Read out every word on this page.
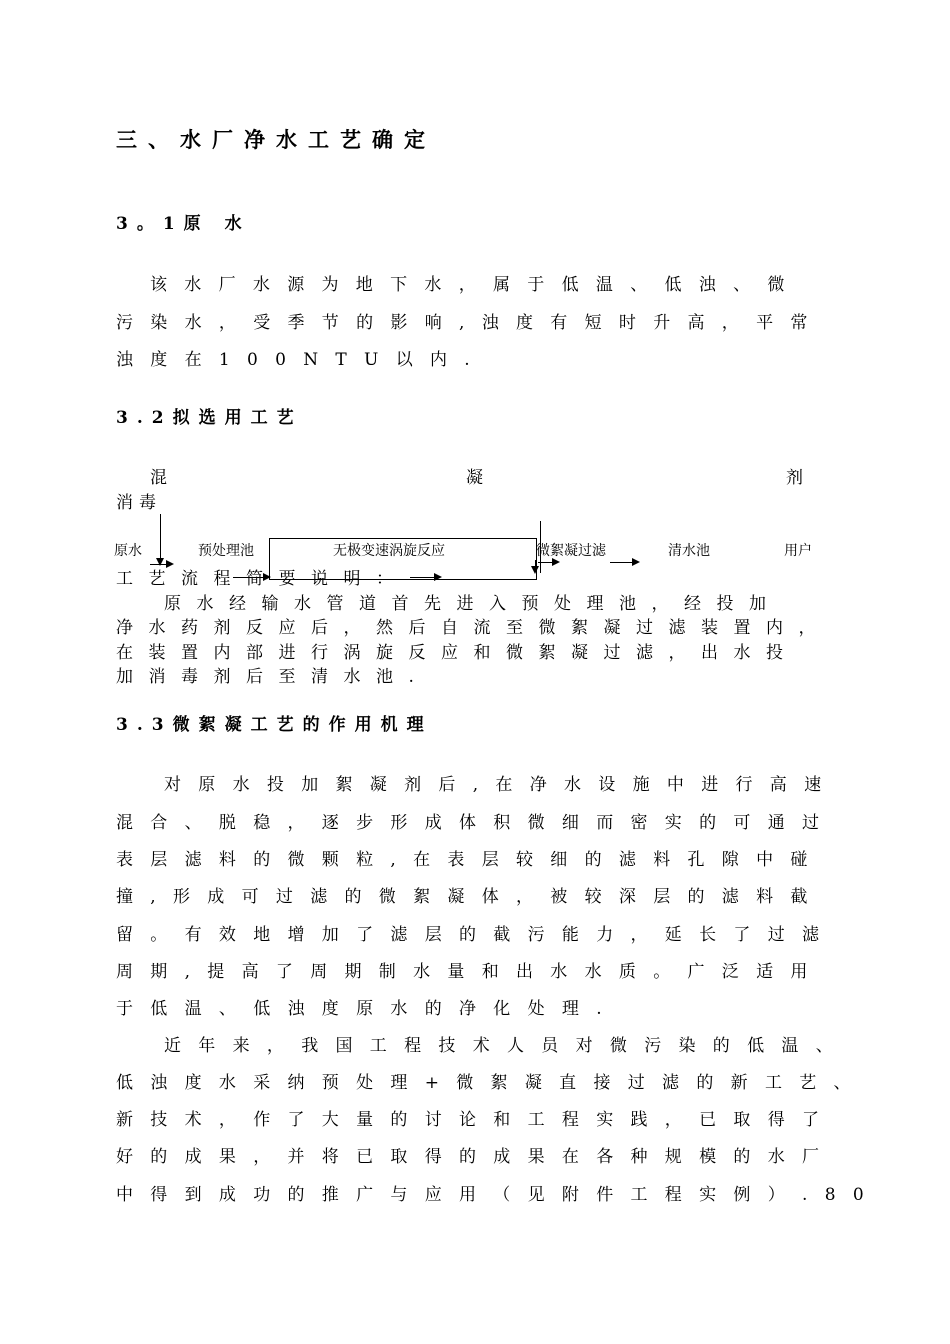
三、水厂净水工艺确定
3。1原 水
该水厂水源为地下水，属于低温、低浊、微
污染水，受季节的影响,浊度有短时升高，平常
浊度在100NTU以内.
3.2拟选用工艺
混	凝	剂
消毒
原水	预处理池	无极变速涡旋反应	微絮凝过滤	清水池	用户
工艺流程简要说明：
原水经输水管道首先进入预处理池，经投加
净水药剂反应后，然后自流至微絮凝过滤装置内，
在装置内部进行涡旋反应和微絮凝过滤，出水投
加消毒剂后至清水池.
3.3微絮凝工艺的作用机理
对原水投加絮凝剂后,在净水设施中进行高速
混合、脱稳，逐步形成体积微细而密实的可通过
表层滤料的微颗粒,在表层较细的滤料孔隙中碰
撞,形成可过滤的微絮凝体，被较深层的滤料截
留。有效地增加了滤层的截污能力，延长了过滤
周期,提高了周期制水量和出水水质。广泛适用
于低温、低浊度原水的净化处理.
近年来，我国工程技术人员对微污染的低温、
低浊度水采纳预处理+微絮凝直接过滤的新工艺、
新技术，作了大量的讨论和工程实践，已取得了
好的成果，并将已取得的成果在各种规模的水厂
中得到成功的推广与应用（见附件工程实例）.80
